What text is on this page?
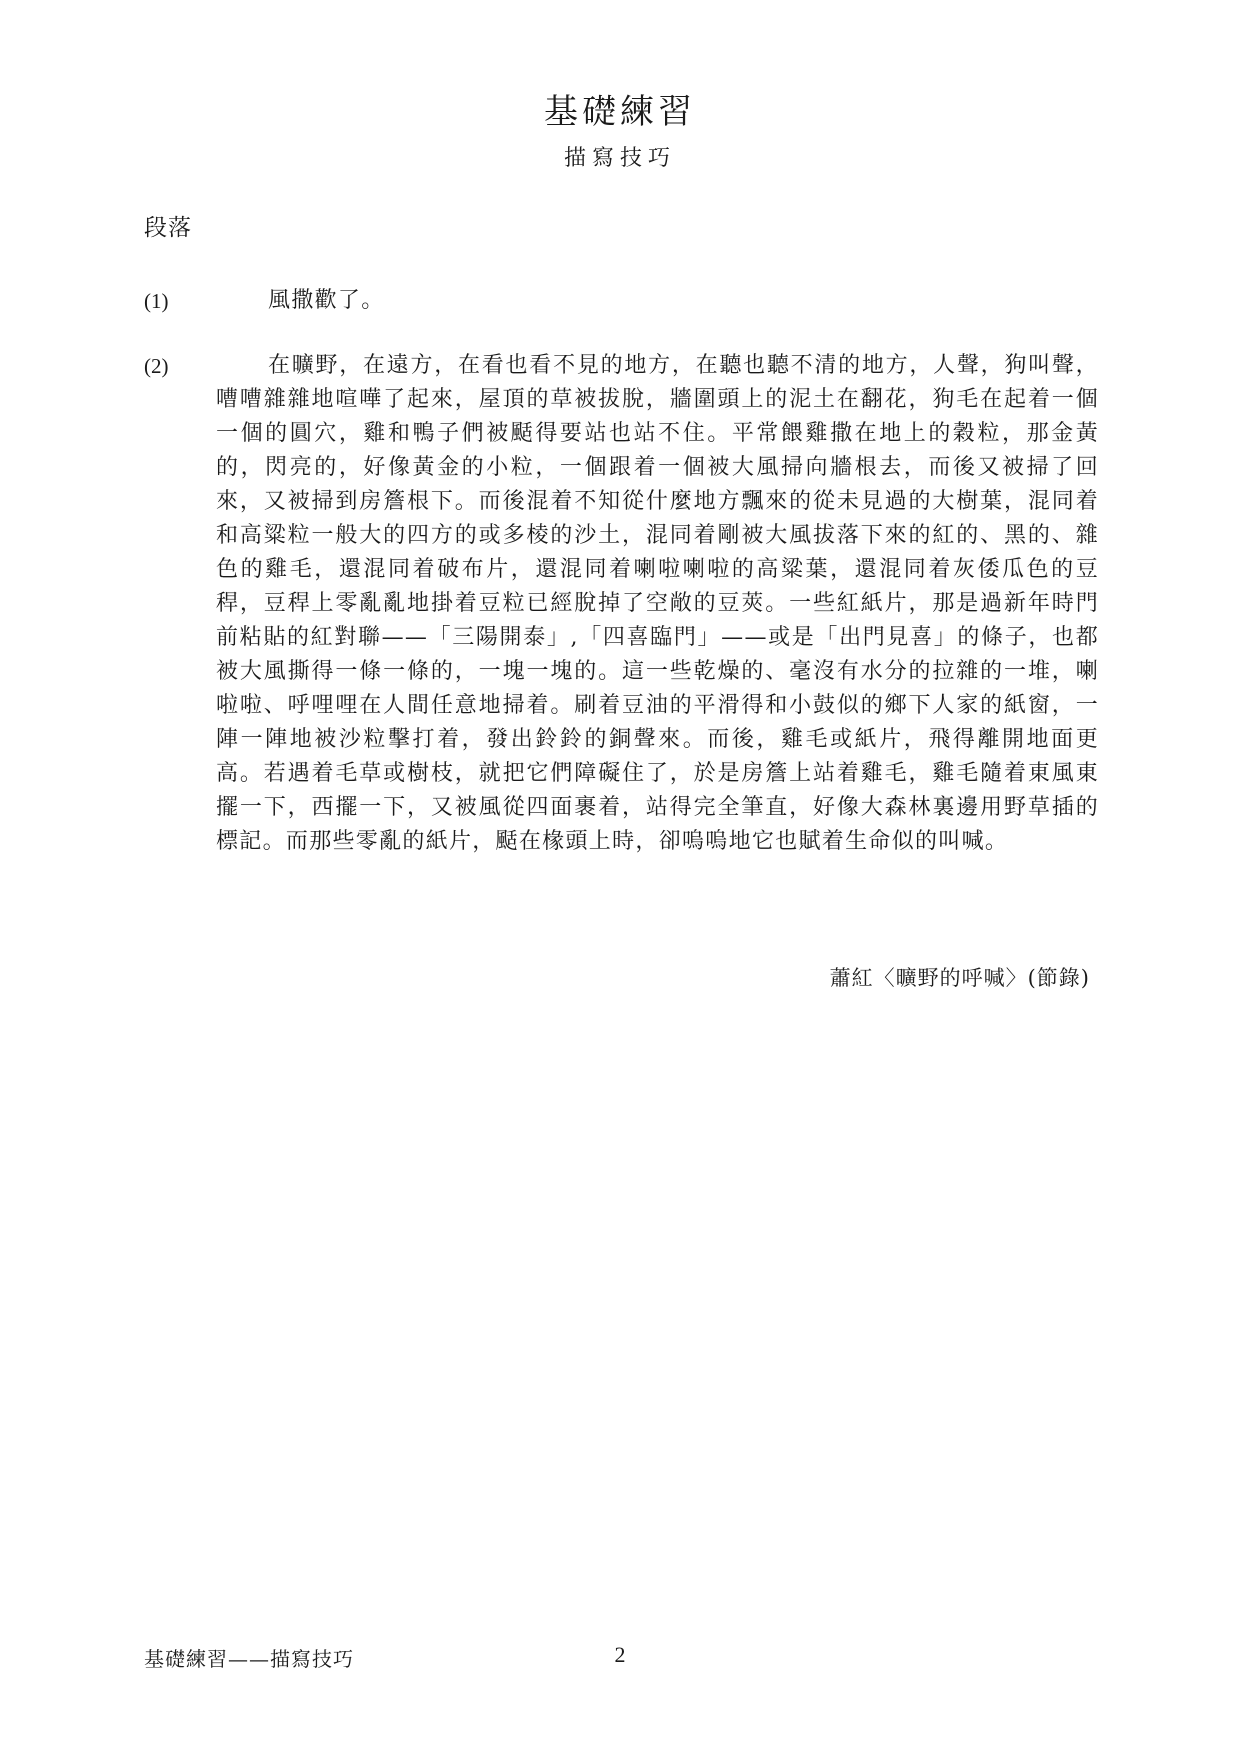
基礎練習
描寫技巧
段落
(1)	風撒歡了。
(2)	在曠野，在遠方，在看也看不見的地方，在聽也聽不清的地方，人聲，狗叫聲，嘈嘈雜雜地喧嘩了起來，屋頂的草被拔脫，牆圍頭上的泥土在翻花，狗毛在起着一個一個的圓穴，雞和鴨子們被颳得要站也站不住。平常餵雞撒在地上的穀粒，那金黃的，閃亮的，好像黃金的小粒，一個跟着一個被大風掃向牆根去，而後又被掃了回來，又被掃到房簷根下。而後混着不知從什麼地方飄來的從未見過的大樹葉，混同着和高粱粒一般大的四方的或多棱的沙土，混同着剛被大風拔落下來的紅的、黑的、雜色的雞毛，還混同着破布片，還混同着喇啦喇啦的高粱葉，還混同着灰倭瓜色的豆稈，豆稈上零亂亂地掛着豆粒已經脫掉了空敞的豆莢。一些紅紙片，那是過新年時門前粘貼的紅對聯——「三陽開泰」,「四喜臨門」——或是「出門見喜」的條子，也都被大風撕得一條一條的，一塊一塊的。這一些乾燥的、毫沒有水分的拉雜的一堆，喇啦啦、呼哩哩在人間任意地掃着。刷着豆油的平滑得和小鼓似的鄉下人家的紙窗，一陣一陣地被沙粒擊打着，發出鈴鈴的銅聲來。而後，雞毛或紙片，飛得離開地面更高。若遇着毛草或樹枝，就把它們障礙住了，於是房簷上站着雞毛，雞毛隨着東風東擺一下，西擺一下，又被風從四面裹着，站得完全筆直，好像大森林裏邊用野草插的標記。而那些零亂的紙片，颳在椽頭上時，卻嗚嗚地它也賦着生命似的叫喊。
蕭紅〈曠野的呼喊〉(節錄)
基礎練習——描寫技巧	2
